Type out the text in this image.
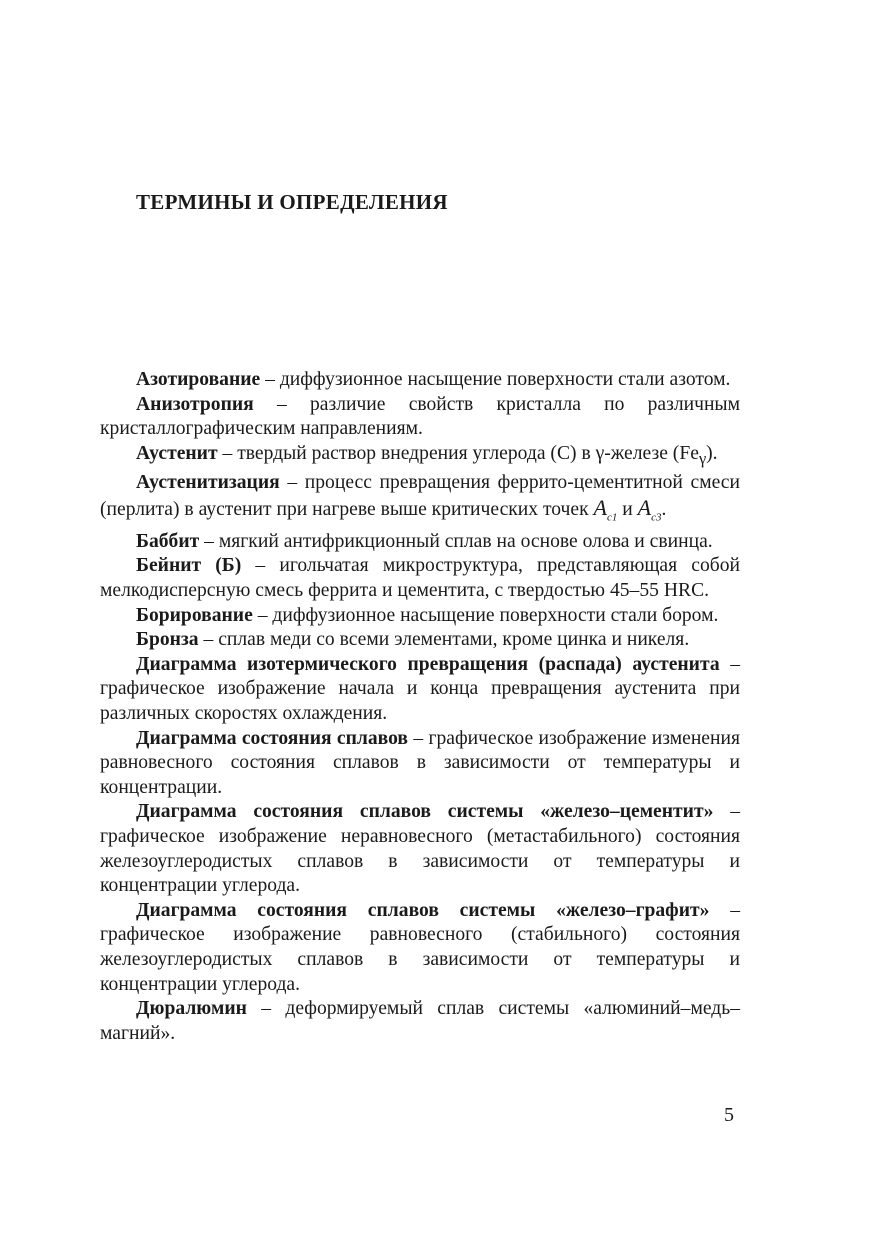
ТЕРМИНЫ И ОПРЕДЕЛЕНИЯ

Азотирование – диффузионное насыщение поверхности стали азотом.

Анизотропия – различие свойств кристалла по различным кристаллографическим направлениям.

Аустенит – твердый раствор внедрения углерода (С) в γ-железе $(Fe_\gamma)$.

Аустенитизация – процесс превращения феррито-цементитной смеси (перлита) в аустенит при нагреве выше критических точек $A_{c1}$ и $A_{c3}$.

Баббит – мягкий антифрикционный сплав на основе олова и свинца.

Бейнит (Б) – игольчатая микроструктура, представляющая собой мелкодисперсную смесь феррита и цементита, с твердостью 45–55 HRC.

Борирование – диффузионное насыщение поверхности стали бором.

Бронза – сплав меди со всеми элементами, кроме цинка и никеля.

Диаграмма изотермического превращения (распада) аустенита – графическое изображение начала и конца превращения аустенита при различных скоростях охлаждения.

Диаграмма состояния сплавов – графическое изображение изменения равновесного состояния сплавов в зависимости от температуры и концентрации.

Диаграмма состояния сплавов системы «железо–цементит» – графическое изображение неравновесного (метастабильного) состояния железоуглеродистых сплавов в зависимости от температуры и концентрации углерода.

Диаграмма состояния сплавов системы «железо–графит» – графическое изображение равновесного (стабильного) состояния железоуглеродистых сплавов в зависимости от температуры и концентрации углерода.

Дюралюмин – деформируемый сплав системы «алюминий–медь–магний».

5
